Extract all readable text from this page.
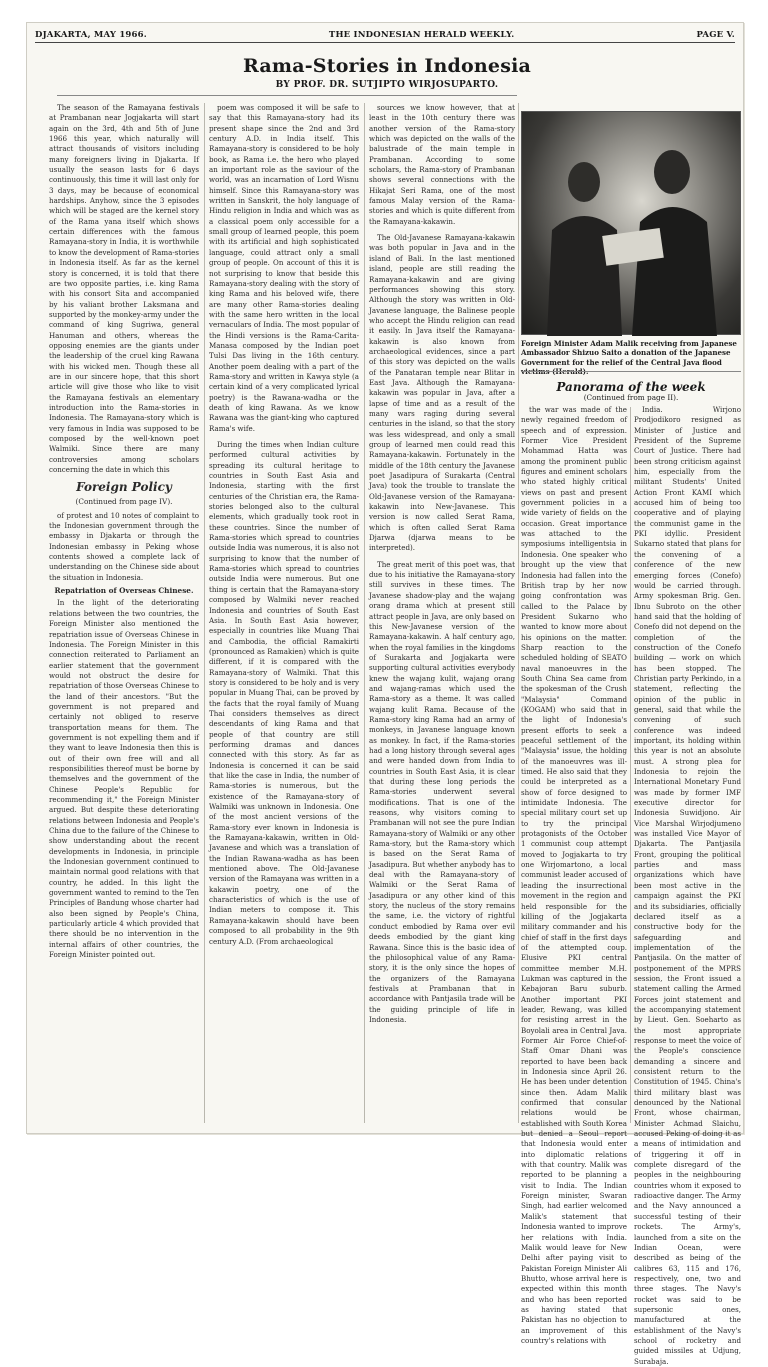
DJAKARTA, MAY 1966.	THE INDONESIAN HERALD WEEKLY.	PAGE V.
Rama-Stories in Indonesia
BY PROF. DR. SUTJIPTO WIRJOSUPARTO.

The season of the Ramayana festivals at Prambanan near Jogjakarta will start again on the 3rd, 4th and 5th of June 1966 this year, which naturally will attract thousands of visitors including many foreigners living in Djakarta. If usually the season lasts for 6 days continuously, this time it will last only for 3 days, may be because of economical hardships. Anyhow, since the 3 episodes which will be staged are the kernel story of the Rama yana itself which shows certain differences with the famous Ramayana-story in India, it is worthwhile to know the development of Rama-stories in Indonesia itself. As far as the kernel story is concerned, it is told that there are two opposite parties, i.e. king Rama with his consort Sita and accompanied by his valiant brother Laksmana and supported by the monkey-army under the command of king Sugriwa, general Hanuman and others, whereas the opposing enemies are the giants under the leadership of the cruel king Rawana with his wicked men. Though these all are in our sincere hope, that this short article will give those who like to visit the Ramayana festivals an elementary introduction into the Rama-stories in Indonesia. The Ramayana-story which is very famous in India was supposed to be composed by the well-known poet Walmiki. Since there are many controversies among scholars concerning the date in which this

Foreign Policy
(Continued from page IV).

of protest and 10 notes of complaint to the Indonesian government through the embassy in Djakarta or through the Indonesian embassy in Peking whose contents showed a complete lack of understanding on the Chinese side about the situation in Indonesia.

Repatriation of Overseas Chinese.

In the light of the deteriorating relations between the two countries, the Foreign Minister also mentioned the repatriation issue of Overseas Chinese in Indonesia. The Foreign Minister in this connection reiterated to Parliament an earlier statement that the government would not obstruct the desire for repatriation of those Overseas Chinese to the land of their ancestors. "But the government is not prepared and certainly not obliged to reserve transportation means for them. The government is not expelling them and if they want to leave Indonesia then this is out of their own free will and all responsibilities thereof must be borne by themselves and the government of the Chinese People's Republic for recommending it," the Foreign Minister argued. But despite these deteriorating relations between Indonesia and People's China due to the failure of the Chinese to show understanding about the recent developments in Indonesia, in principle the Indonesian government continued to maintain normal good relations with that country, he added. In this light the government wanted to remind to the Ten Principles of Bandung whose charter had also been signed by People's China, particularly article 4 which provided that there should be no intervention in the internal affairs of other countries, the Foreign Minister pointed out.

poem was composed it will be safe to say that this Ramayana-story had its present shape since the 2nd and 3rd century A.D. in India itself. This Ramayana-story is considered to be holy book, as Rama i.e. the hero who played an important role as the saviour of the world, was an incarnation of Lord Wisnu himself. Since this Ramayana-story was written in Sanskrit, the holy language of Hindu religion in India and which was as a classical poem only accessible for a small group of learned people, this poem with its artificial and high sophisticated language, could attract only a small group of people. On account of this it is not surprising to know that beside this Ramayana-story dealing with the story of king Rama and his beloved wife, there are many other Rama-stories dealing with the same hero written in the local vernaculars of India. The most popular of the Hindi versions is the Rama-Carita-Manasa composed by the Indian poet Tulsi Das living in the 16th century. Another poem dealing with a part of the Rama-story and written in Kawya style (a certain kind of a very complicated lyrical poetry) is the Rawana-wadha or the death of king Rawana. As we know Rawana was the giant-king who captured Rama's wife.

During the times when Indian culture performed cultural activities by spreading its cultural heritage to countries in South East Asia and Indonesia, starting with the first centuries of the Christian era, the Rama-stories belonged also to the cultural elements, which gradually took root in these countries. Since the number of Rama-stories which spread to countries outside India was numerous, it is also not surprising to know that the number of Rama-stories which spread to countries outside India were numerous. But one thing is certain that the Ramayana-story composed by Walmiki never reached Indonesia and countries of South East Asia. In South East Asia however, especially in countries like Muang Thai and Cambodia, the official Ramakirti (pronounced as Ramakien) which is quite different, if it is compared with the Ramayana-story of Walmiki. That this story is considered to be holy and is very popular in Muang Thai, can be proved by the facts that the royal family of Muang Thai considers themselves as direct descendants of king Rama and that people of that country are still performing dramas and dances connected with this story. As far as Indonesia is concerned it can be said that like the case in India, the number of Rama-stories is numerous, but the existence of the Ramayana-story of Walmiki was unknown in Indonesia. One of the most ancient versions of the Rama-story ever known in Indonesia is the Ramayana-kakawin, written in Old-Javanese and which was a translation of the Indian Rawana-wadha as has been mentioned above. The Old-Javanese version of the Ramayana was written in a kakawin poetry, one of the characteristics of which is the use of Indian meters to compose it. This Ramayana-kakawin should have been composed to all probability in the 9th century A.D. (From archaeological

sources we know however, that at least in the 10th century there was another version of the Rama-story which was depicted on the walls of the balustrade of the main temple in Prambanan. According to some scholars, the Rama-story of Prambanan shows several connections with the Hikajat Seri Rama, one of the most famous Malay version of the Rama-stories and which is quite different from the Ramayana-kakawin.

The Old-Javanese Ramayana-kakawin was both popular in Java and in the island of Bali. In the last mentioned island, people are still reading the Ramayana-kakawin and are giving performances showing this story. Although the story was written in Old-Javanese language, the Balinese people who accept the Hindu religion can read it easily. In Java itself the Ramayana-kakawin is also known from archaeological evidences, since a part of this story was depicted on the walls of the Panataran temple near Blitar in East Java. Although the Ramayana-kakawin was popular in Java, after a lapse of time and as a result of the many wars raging during several centuries in the island, so that the story was less widespread, and only a small group of learned men could read this Ramayana-kakawin. Fortunately in the middle of the 18th century the Javanese poet Jasadipura of Surakarta (Central Java) took the trouble to translate the Old-Javanese version of the Ramayana-kakawin into New-Javanese. This version is now called Serat Rama, which is often called Serat Rama Djarwa (djarwa means to be interpreted).

The great merit of this poet was, that due to his initiative the Ramayana-story still survives in these times. The Javanese shadow-play and the wajang orang drama which at present still attract people in Java, are only based on this New-Javanese version of the Ramayana-kakawin. A half century ago, when the royal families in the kingdoms of Surakarta and Jogjakarta were supporting cultural activities everybody knew the wajang kulit, wajang orang and wajang-ramas which used the Rama-story as a theme. It was called wajang kulit Rama. Because of the Rama-story king Rama had an army of monkeys, in Javanese language known as monkey. In fact, if the Rama-stories had a long history through several ages and were handed down from India to countries in South East Asia, it is clear that during these long periods the Rama-stories underwent several modifications. That is one of the reasons, why visitors coming to Prambanan will not see the pure Indian Ramayana-story of Walmiki or any other Rama-story, but the Rama-story which is based on the Serat Rama of Jasadipura. But whether anybody has to deal with the Ramayana-story of Walmiki or the Serat Rama of Jasadipura or any other kind of this story, the nucleus of the story remains the same, i.e. the victory of rightful conduct embodied by Rama over evil deeds embodied by the giant king Rawana. Since this is the basic idea of the philosophical value of any Rama-story, it is the only since the hopes of the organizers of the Ramayana festivals at Prambanan that in accordance with Pantjasila trade will be the guiding principle of life in Indonesia.

Foreign Minister Adam Malik receiving from Japanese Ambassador Shizuo Saito a donation of the Japanese Government for the relief of the Central Java flood
Panorama of the week
(Continued from page II).

the war was made of the newly regained freedom of speech and of expression. Former Vice President Mohammad Hatta was among the prominent public figures and eminent scholars who stated highly critical views on past and present government policies in a wide variety of fields on the occasion. Great importance was attached to the symposiums intelligentsia in Indonesia. One speaker who brought up the view that Indonesia had fallen into the British trap by her now going confrontation was called to the Palace by President Sukarno who wanted to know more about his opinions on the matter. Sharp reaction to the scheduled holding of SEATO naval manoeuvres in the South China Sea came from the spokesman of the Crush "Malaysia" Command (KOGAM) who said that in the light of Indonesia's present efforts to seek a peaceful settlement of the "Malaysia" issue, the holding of the manoeuvres was ill-timed. He also said that they could be interpreted as a show of force designed to intimidate Indonesia. The special military court set up to try the principal protagonists of the October 1 communist coup attempt moved to Jogjakarta to try one Wirjomartono, a local communist leader accused of leading the insurrectional movement in the region and held responsible for the killing of the Jogjakarta military commander and his chief of staff in the first days of the attempted coup. Elusive PKI central committee member M.H. Lukman was captured in the Kebajoran Baru suburb. Another important PKI leader, Rewang, was killed for resisting arrest in the Boyolali area in Central Java. Former Air Force Chief-of-Staff Omar Dhani was reported to have been back in Indonesia since April 26. He has been under detention since then. Adam Malik confirmed that consular relations would be established with South Korea but denied a Seoul report that Indonesia would enter into diplomatic relations with that country. Malik was reported to be planning a visit to India. The Indian Foreign minister, Swaran Singh, had earlier welcomed Malik's statement that Indonesia wanted to improve her relations with India. Malik would leave for New Delhi after paying visit to Pakistan Foreign Minister Ali Bhutto, whose arrival here is expected within this month and who has been reported as having stated that Pakistan has no objection to an improvement of this country's relations with

India. Wirjono Prodjodikoro resigned as Minister of Justice and President of the Supreme Court of Justice. There had been strong criticism against him, especially from the militant Students' United Action Front KAMI which accused him of being too cooperative and of playing the communist game in the PKI idyllic. President Sukarno stated that plans for the convening of a conference of the new emerging forces (Conefo) would be carried through. Army spokesman Brig. Gen. Ibnu Subroto on the other hand said that the holding of Conefo did not depend on the completion of the construction of the Conefo building — work on which has been stopped. The Christian party Perkindo, in a statement, reflecting the opinion of the public in general, said that while the convening of such conference was indeed important, its holding within this year is not an absolute must. A strong plea for Indonesia to rejoin the International Monetary Fund was made by former IMF executive director for Indonesia Suwidjono. Air Vice Marshal Wirjodjumeno was installed Vice Mayor of Djakarta. The Pantjasila Front, grouping the political parties and mass organizations which have been most active in the campaign against the PKI and its subsidiaries, officially declared itself as a constructive body for the safeguarding and implementation of the Pantjasila. On the matter of postponement of the MPRS session, the Front issued a statement calling the Armed Forces joint statement and the accompanying statement by Lieut. Gen. Soeharto as the most appropriate response to meet the voice of the People's conscience demanding a sincere and consistent return to the Constitution of 1945. China's third military blast was denounced by the National Front, whose chairman, Minister Achmad Slaichu, accused Peking of doing it as a means of intimidation and of triggering it off in complete disregard of the peoples in the neighbouring countries whom it exposed to radioactive danger. The Army and the Navy announced a successful testing of their rockets. The Army's, launched from a site on the Indian Ocean, were described as being of the calibres 63, 115 and 176, respectively, one, two and three stages. The Navy's rocket was said to be supersonic ones, manufactured at the establishment of the Navy's school of rocketry and guided missiles at Udjung, Surabaja.
